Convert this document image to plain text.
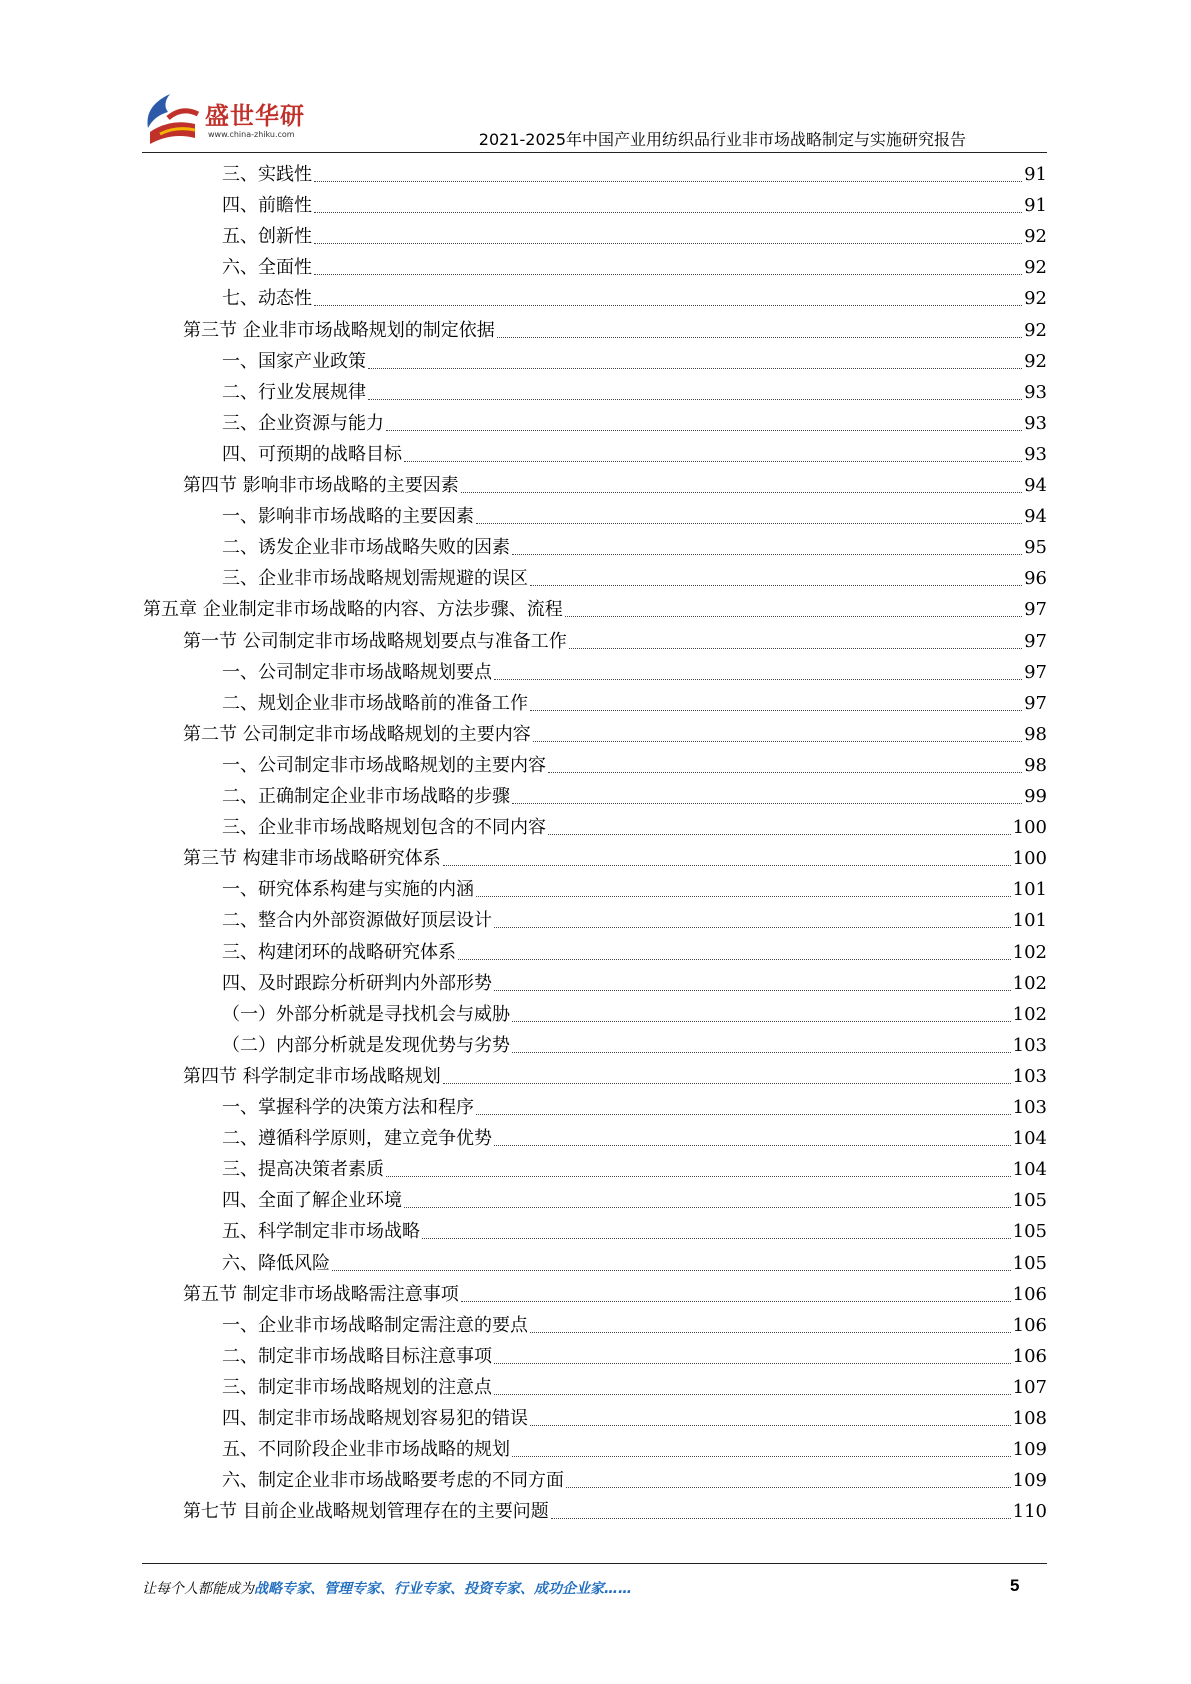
盛世华研
www.china-zhiku.com	2021-2025年中国产业用纺织品行业非市场战略制定与实施研究报告
三、实践性	91
四、前瞻性	91
五、创新性	92
六、全面性	92
七、动态性	92
第三节 企业非市场战略规划的制定依据	92
一、国家产业政策	92
二、行业发展规律	93
三、企业资源与能力	93
四、可预期的战略目标	93
第四节 影响非市场战略的主要因素	94
一、影响非市场战略的主要因素	94
二、诱发企业非市场战略失败的因素	95
三、企业非市场战略规划需规避的误区	96
第五章 企业制定非市场战略的内容、方法步骤、流程	97
第一节 公司制定非市场战略规划要点与准备工作	97
一、公司制定非市场战略规划要点	97
二、规划企业非市场战略前的准备工作	97
第二节 公司制定非市场战略规划的主要内容	98
一、公司制定非市场战略规划的主要内容	98
二、正确制定企业非市场战略的步骤	99
三、企业非市场战略规划包含的不同内容	100
第三节 构建非市场战略研究体系	100
一、研究体系构建与实施的内涵	101
二、整合内外部资源做好顶层设计	101
三、构建闭环的战略研究体系	102
四、及时跟踪分析研判内外部形势	102
（一）外部分析就是寻找机会与威胁	102
（二）内部分析就是发现优势与劣势	103
第四节 科学制定非市场战略规划	103
一、掌握科学的决策方法和程序	103
二、遵循科学原则，建立竞争优势	104
三、提高决策者素质	104
四、全面了解企业环境	105
五、科学制定非市场战略	105
六、降低风险	105
第五节 制定非市场战略需注意事项	106
一、企业非市场战略制定需注意的要点	106
二、制定非市场战略目标注意事项	106
三、制定非市场战略规划的注意点	107
四、制定非市场战略规划容易犯的错误	108
五、不同阶段企业非市场战略的规划	109
六、制定企业非市场战略要考虑的不同方面	109
第七节 目前企业战略规划管理存在的主要问题	110
让每个人都能成为战略专家、管理专家、行业专家、投资专家、成功企业家……	5
